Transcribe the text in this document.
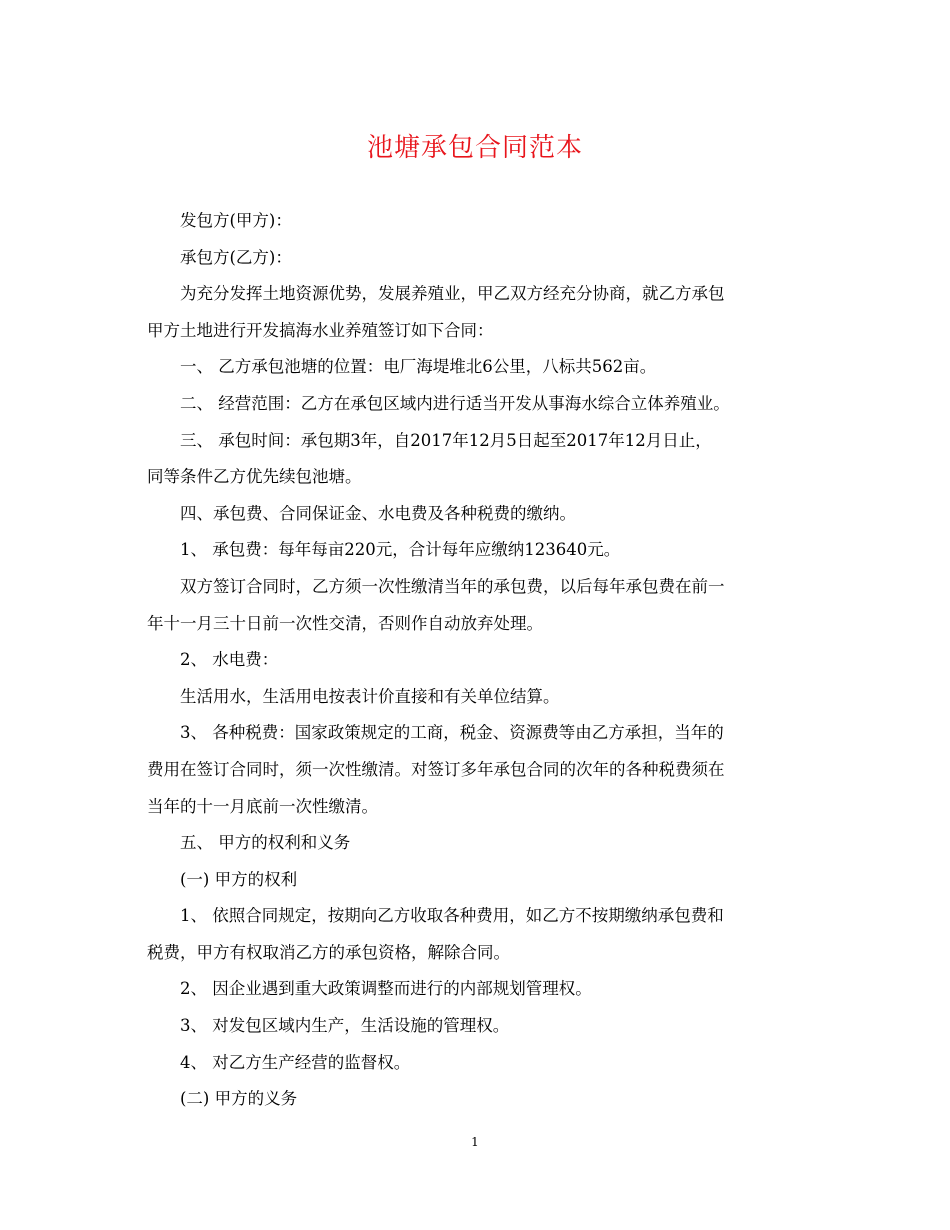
池塘承包合同范本

发包方(甲方)：

承包方(乙方)：

为充分发挥土地资源优势，发展养殖业，甲乙双方经充分协商，就乙方承包

甲方土地进行开发搞海水业养殖签订如下合同：

一、 乙方承包池塘的位置：电厂海堤堆北6公里，八标共562亩。

二、 经营范围：乙方在承包区域内进行适当开发从事海水综合立体养殖业。

三、 承包时间：承包期3年，自2017年12月5日起至2017年12月日止，

同等条件乙方优先续包池塘。

四、承包费、合同保证金、水电费及各种税费的缴纳。

1、 承包费：每年每亩220元，合计每年应缴纳123640元。

双方签订合同时，乙方须一次性缴清当年的承包费，以后每年承包费在前一

年十一月三十日前一次性交清，否则作自动放弃处理。

2、 水电费：

生活用水，生活用电按表计价直接和有关单位结算。

3、 各种税费：国家政策规定的工商，税金、资源费等由乙方承担，当年的

费用在签订合同时，须一次性缴清。对签订多年承包合同的次年的各种税费须在

当年的十一月底前一次性缴清。

五、 甲方的权利和义务

(一) 甲方的权利

1、 依照合同规定，按期向乙方收取各种费用，如乙方不按期缴纳承包费和

税费，甲方有权取消乙方的承包资格，解除合同。

2、 因企业遇到重大政策调整而进行的内部规划管理权。

3、 对发包区域内生产，生活设施的管理权。

4、 对乙方生产经营的监督权。

(二) 甲方的义务

1
